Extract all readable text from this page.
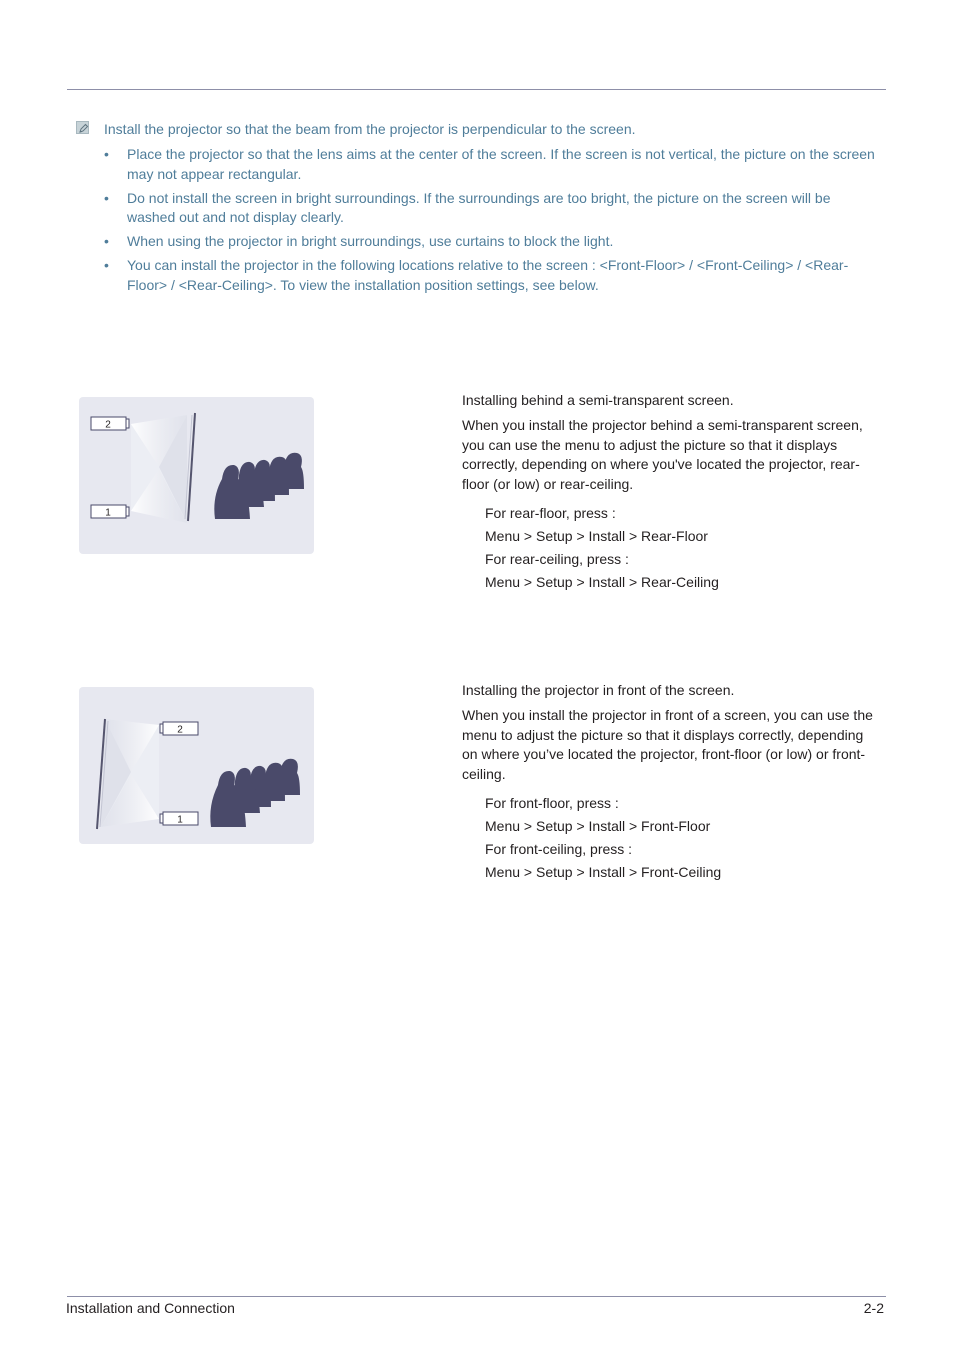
Install the projector so that the beam from the projector is perpendicular to the screen.
• Place the projector so that the lens aims at the center of the screen. If the screen is not vertical, the picture on the screen may not appear rectangular.
• Do not install the screen in bright surroundings. If the surroundings are too bright, the picture on the screen will be washed out and not display clearly.
• When using the projector in bright surroundings, use curtains to block the light.
• You can install the projector in the following locations relative to the screen : <Front-Floor> / <Front-Ceiling> / <Rear-Floor> / <Rear-Ceiling>. To view the installation position settings, see below.
2
1

Installing behind a semi-transparent screen.

When you install the projector behind a semi-transparent screen, you can use the menu to adjust the picture so that it displays correctly, depending on where you've located the projector, rear-floor (or low) or rear-ceiling.

For rear-floor, press :
Menu > Setup > Install > Rear-Floor
For rear-ceiling, press :
Menu > Setup > Install > Rear-Ceiling
2
1

Installing the projector in front of the screen.

When you install the projector in front of a screen, you can use the menu to adjust the picture so that it displays correctly, depending on where you’ve located the projector, front-floor (or low) or front-ceiling.

For front-floor, press :
Menu > Setup > Install > Front-Floor
For front-ceiling, press :
Menu > Setup > Install > Front-Ceiling
Installation and Connection	2-2
